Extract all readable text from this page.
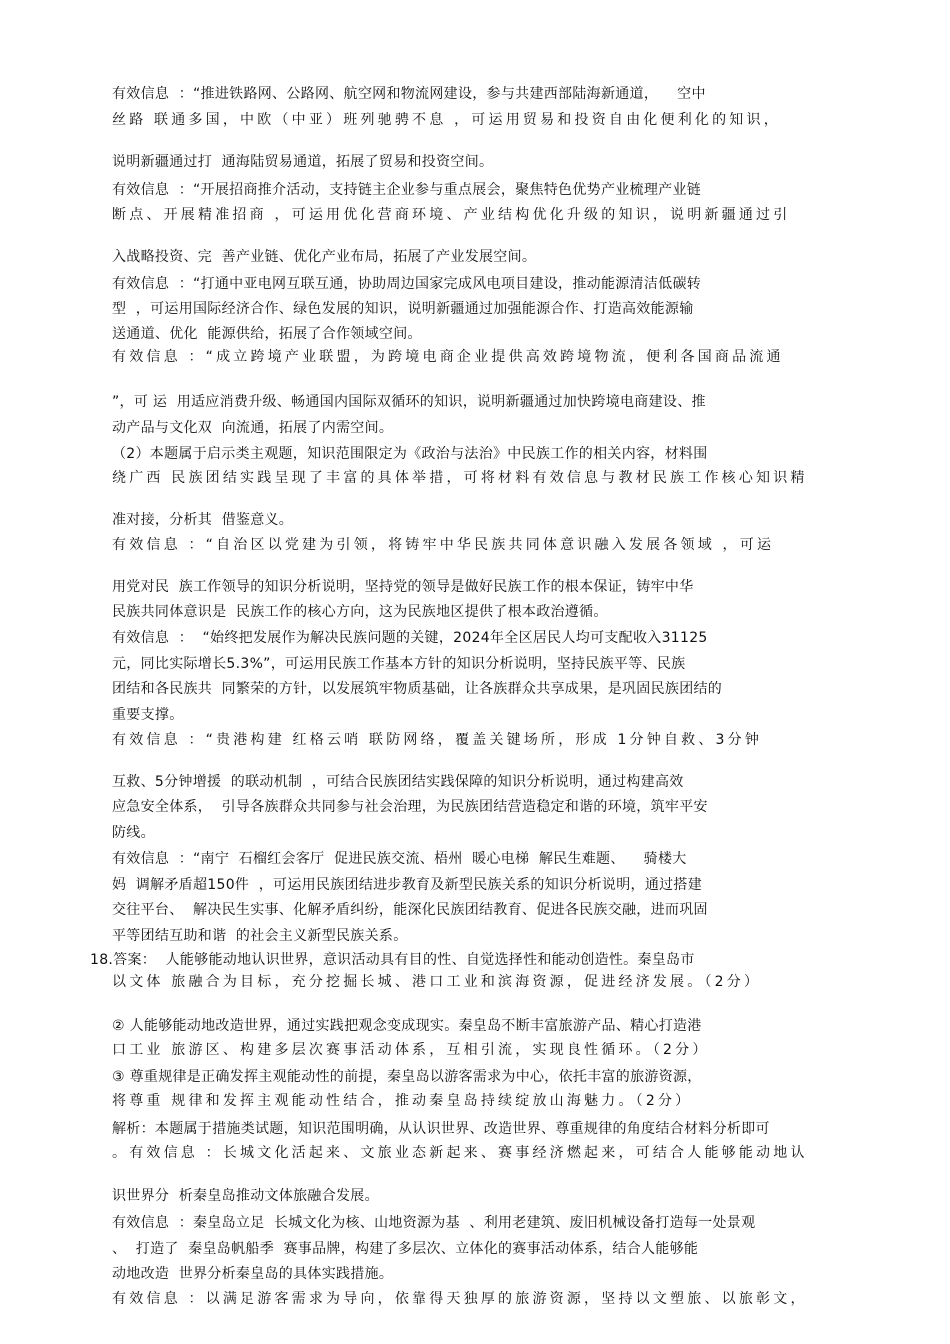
有效信息  ：“推进铁路网、公路网、航空网和物流网建设，参与共建西部陆海新通道，    空中
丝路 联通多国，中欧（中亚）班列驰骋不息 ，可运用贸易和投资自由化便利化的知识，
说明新疆通过打  通海陆贸易通道，拓展了贸易和投资空间。
有效信息  ：“开展招商推介活动，支持链主企业参与重点展会，聚焦特色优势产业梳理产业链
断点、开展精准招商 ，可运用优化营商环境、产业结构优化升级的知识，说明新疆通过引
入战略投资、完  善产业链、优化产业布局，拓展了产业发展空间。
有效信息  ：“打通中亚电网互联互通，协助周边国家完成风电项目建设，推动能源清洁低碳转
型  ，可运用国际经济合作、绿色发展的知识，说明新疆通过加强能源合作、打造高效能源输
送通道、优化  能源供给，拓展了合作领域空间。
有效信息 ：“成立跨境产业联盟，为跨境电商企业提供高效跨境物流，便利各国商品流通
”，可 运  用适应消费升级、畅通国内国际双循环的知识，说明新疆通过加快跨境电商建设、推
动产品与文化双  向流通，拓展了内需空间。
（2）本题属于启示类主观题，知识范围限定为《政治与法治》中民族工作的相关内容，材料围
绕广西 民族团结实践呈现了丰富的具体举措，可将材料有效信息与教材民族工作核心知识精
准对接，分析其  借鉴意义。
有效信息 ：“自治区以党建为引领，将铸牢中华民族共同体意识融入发展各领域 ，可运
用党对民  族工作领导的知识分析说明，坚持党的领导是做好民族工作的根本保证，铸牢中华
民族共同体意识是  民族工作的核心方向，这为民族地区提供了根本政治遵循。
有效信息  ：  “始终把发展作为解决民族问题的关键，2024年全区居民人均可支配收入31125
元，同比实际增长5.3%”，可运用民族工作基本方针的知识分析说明，坚持民族平等、民族
团结和各民族共  同繁荣的方针，以发展筑牢物质基础，让各族群众共享成果，是巩固民族团结的
重要支撑。
有效信息 ：“贵港构建 红格云哨 联防网络，覆盖关键场所，形成 1分钟自救、3分钟
互救、5分钟增援  的联动机制  ，可结合民族团结实践保障的知识分析说明，通过构建高效
应急安全体系，  引导各族群众共同参与社会治理，为民族团结营造稳定和谐的环境，筑牢平安
防线。
有效信息  ：“南宁  石榴红会客厅  促进民族交流、梧州  暖心电梯  解民生难题、    骑楼大
妈  调解矛盾超150件  ，可运用民族团结进步教育及新型民族关系的知识分析说明，通过搭建
交往平台、  解决民生实事、化解矛盾纠纷，能深化民族团结教育、促进各民族交融，进而巩固
平等团结互助和谐  的社会主义新型民族关系。
18.答案：  人能够能动地认识世界，意识活动具有目的性、自觉选择性和能动创造性。秦皇岛市
以文体 旅融合为目标，充分挖掘长城、港口工业和滨海资源，促进经济发展。（2分）
② 人能够能动地改造世界，通过实践把观念变成现实。秦皇岛不断丰富旅游产品、精心打造港
口工业 旅游区、构建多层次赛事活动体系，互相引流，实现良性循环。（2分）
③ 尊重规律是正确发挥主观能动性的前提，秦皇岛以游客需求为中心，依托丰富的旅游资源，
将尊重 规律和发挥主观能动性结合，推动秦皇岛持续绽放山海魅力。（2分）
解析：本题属于措施类试题，知识范围明确，从认识世界、改造世界、尊重规律的角度结合材料分析即可
。有效信息 ：长城文化活起来、文旅业态新起来、赛事经济燃起来，可结合人能够能动地认
识世界分  析秦皇岛推动文体旅融合发展。
有效信息  ：秦皇岛立足  长城文化为核、山地资源为基  、利用老建筑、废旧机械设备打造每一处景观
、  打造了  秦皇岛帆船季  赛事品牌，构建了多层次、立体化的赛事活动体系，结合人能够能
动地改造  世界分析秦皇岛的具体实践措施。
有效信息 ：以满足游客需求为导向，依靠得天独厚的旅游资源，坚持以文塑旅、以旅彰文，
